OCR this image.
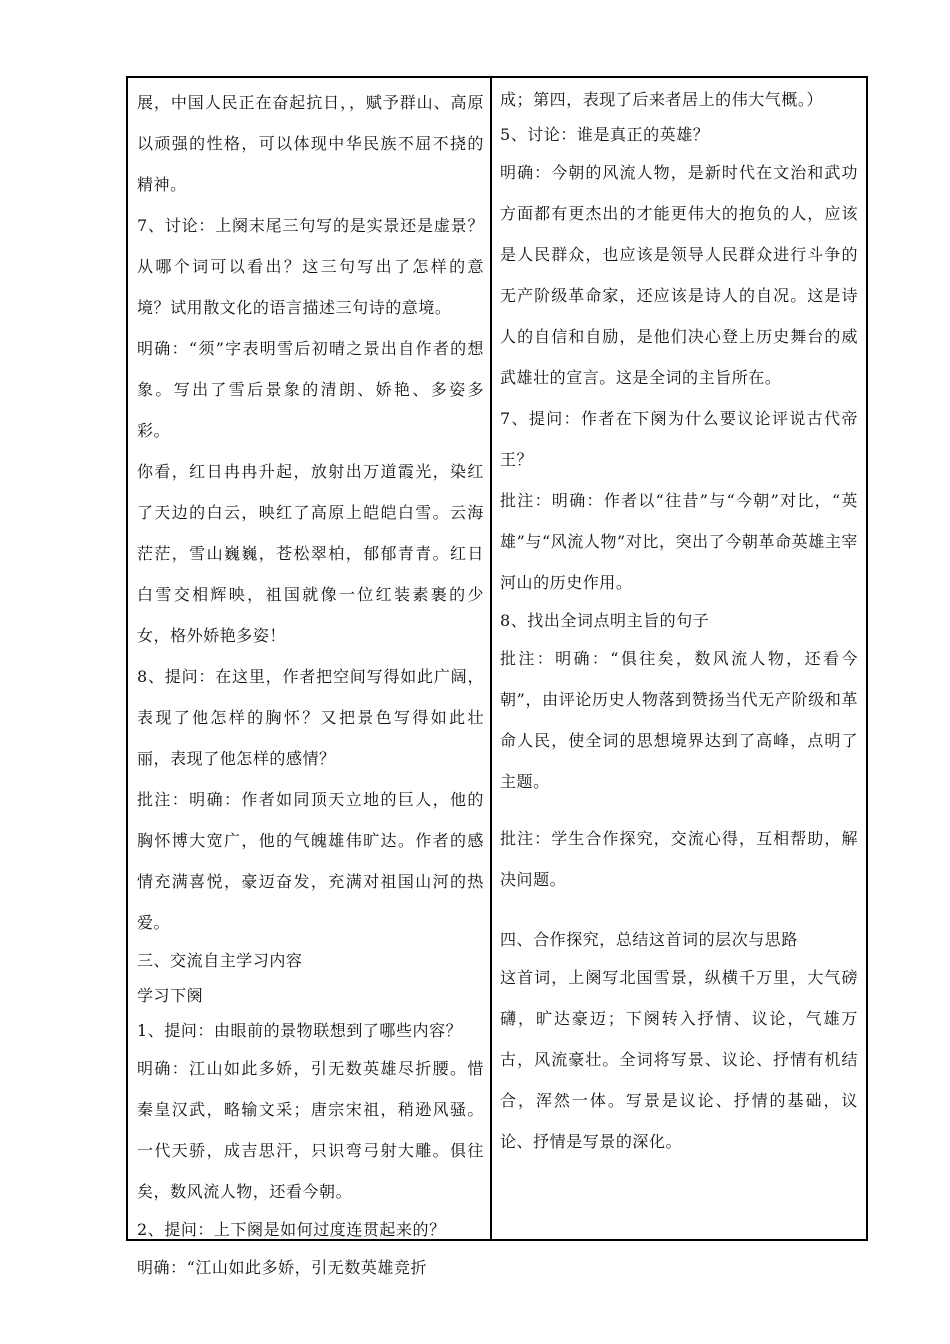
展，中国人民正在奋起抗日，，赋予群山、高原以顽强的性格，可以体现中华民族不屈不挠的精神。

7、讨论：上阕末尾三句写的是实景还是虚景？从哪个词可以看出？这三句写出了怎样的意境？试用散文化的语言描述三句诗的意境。

明确：“须”字表明雪后初晴之景出自作者的想象。写出了雪后景象的清朗、娇艳、多姿多彩。

你看，红日冉冉升起，放射出万道霞光，染红了天边的白云，映红了高原上皑皑白雪。云海茫茫，雪山巍巍，苍松翠柏，郁郁青青。红日白雪交相辉映，祖国就像一位红装素裹的少女，格外娇艳多姿！

8、提问：在这里，作者把空间写得如此广阔，表现了他怎样的胸怀？又把景色写得如此壮丽，表现了他怎样的感情？

批注：明确：作者如同顶天立地的巨人，他的胸怀博大宽广，他的气魄雄伟旷达。作者的感情充满喜悦，豪迈奋发，充满对祖国山河的热爱。

三、交流自主学习内容

学习下阕

1、提问：由眼前的景物联想到了哪些内容？

明确：江山如此多娇，引无数英雄尽折腰。惜秦皇汉武，略输文采；唐宗宋祖，稍逊风骚。一代天骄，成吉思汗，只识弯弓射大雕。俱往矣，数风流人物，还看今朝。

2、提问：上下阕是如何过度连贯起来的？

明确：“江山如此多娇，引无数英雄竞折

成；第四，表现了后来者居上的伟大气概。）

5、讨论：谁是真正的英雄？

明确：今朝的风流人物，是新时代在文治和武功方面都有更杰出的才能更伟大的抱负的人，应该是人民群众，也应该是领导人民群众进行斗争的无产阶级革命家，还应该是诗人的自况。这是诗人的自信和自励，是他们决心登上历史舞台的威武雄壮的宣言。这是全词的主旨所在。

7、提问：作者在下阕为什么要议论评说古代帝王？

批注：明确：作者以“往昔”与“今朝”对比，“英雄”与“风流人物”对比，突出了今朝革命英雄主宰河山的历史作用。

8、找出全词点明主旨的句子

批注：明确：“俱往矣，数风流人物，还看今朝”，由评论历史人物落到赞扬当代无产阶级和革命人民，使全词的思想境界达到了高峰，点明了主题。

批注：学生合作探究，交流心得，互相帮助，解决问题。

四、合作探究，总结这首词的层次与思路

这首词，上阕写北国雪景，纵横千万里，大气磅礴，旷达豪迈；下阕转入抒情、议论，气雄万古，风流豪壮。全词将写景、议论、抒情有机结合，浑然一体。写景是议论、抒情的基础，议论、抒情是写景的深化。
